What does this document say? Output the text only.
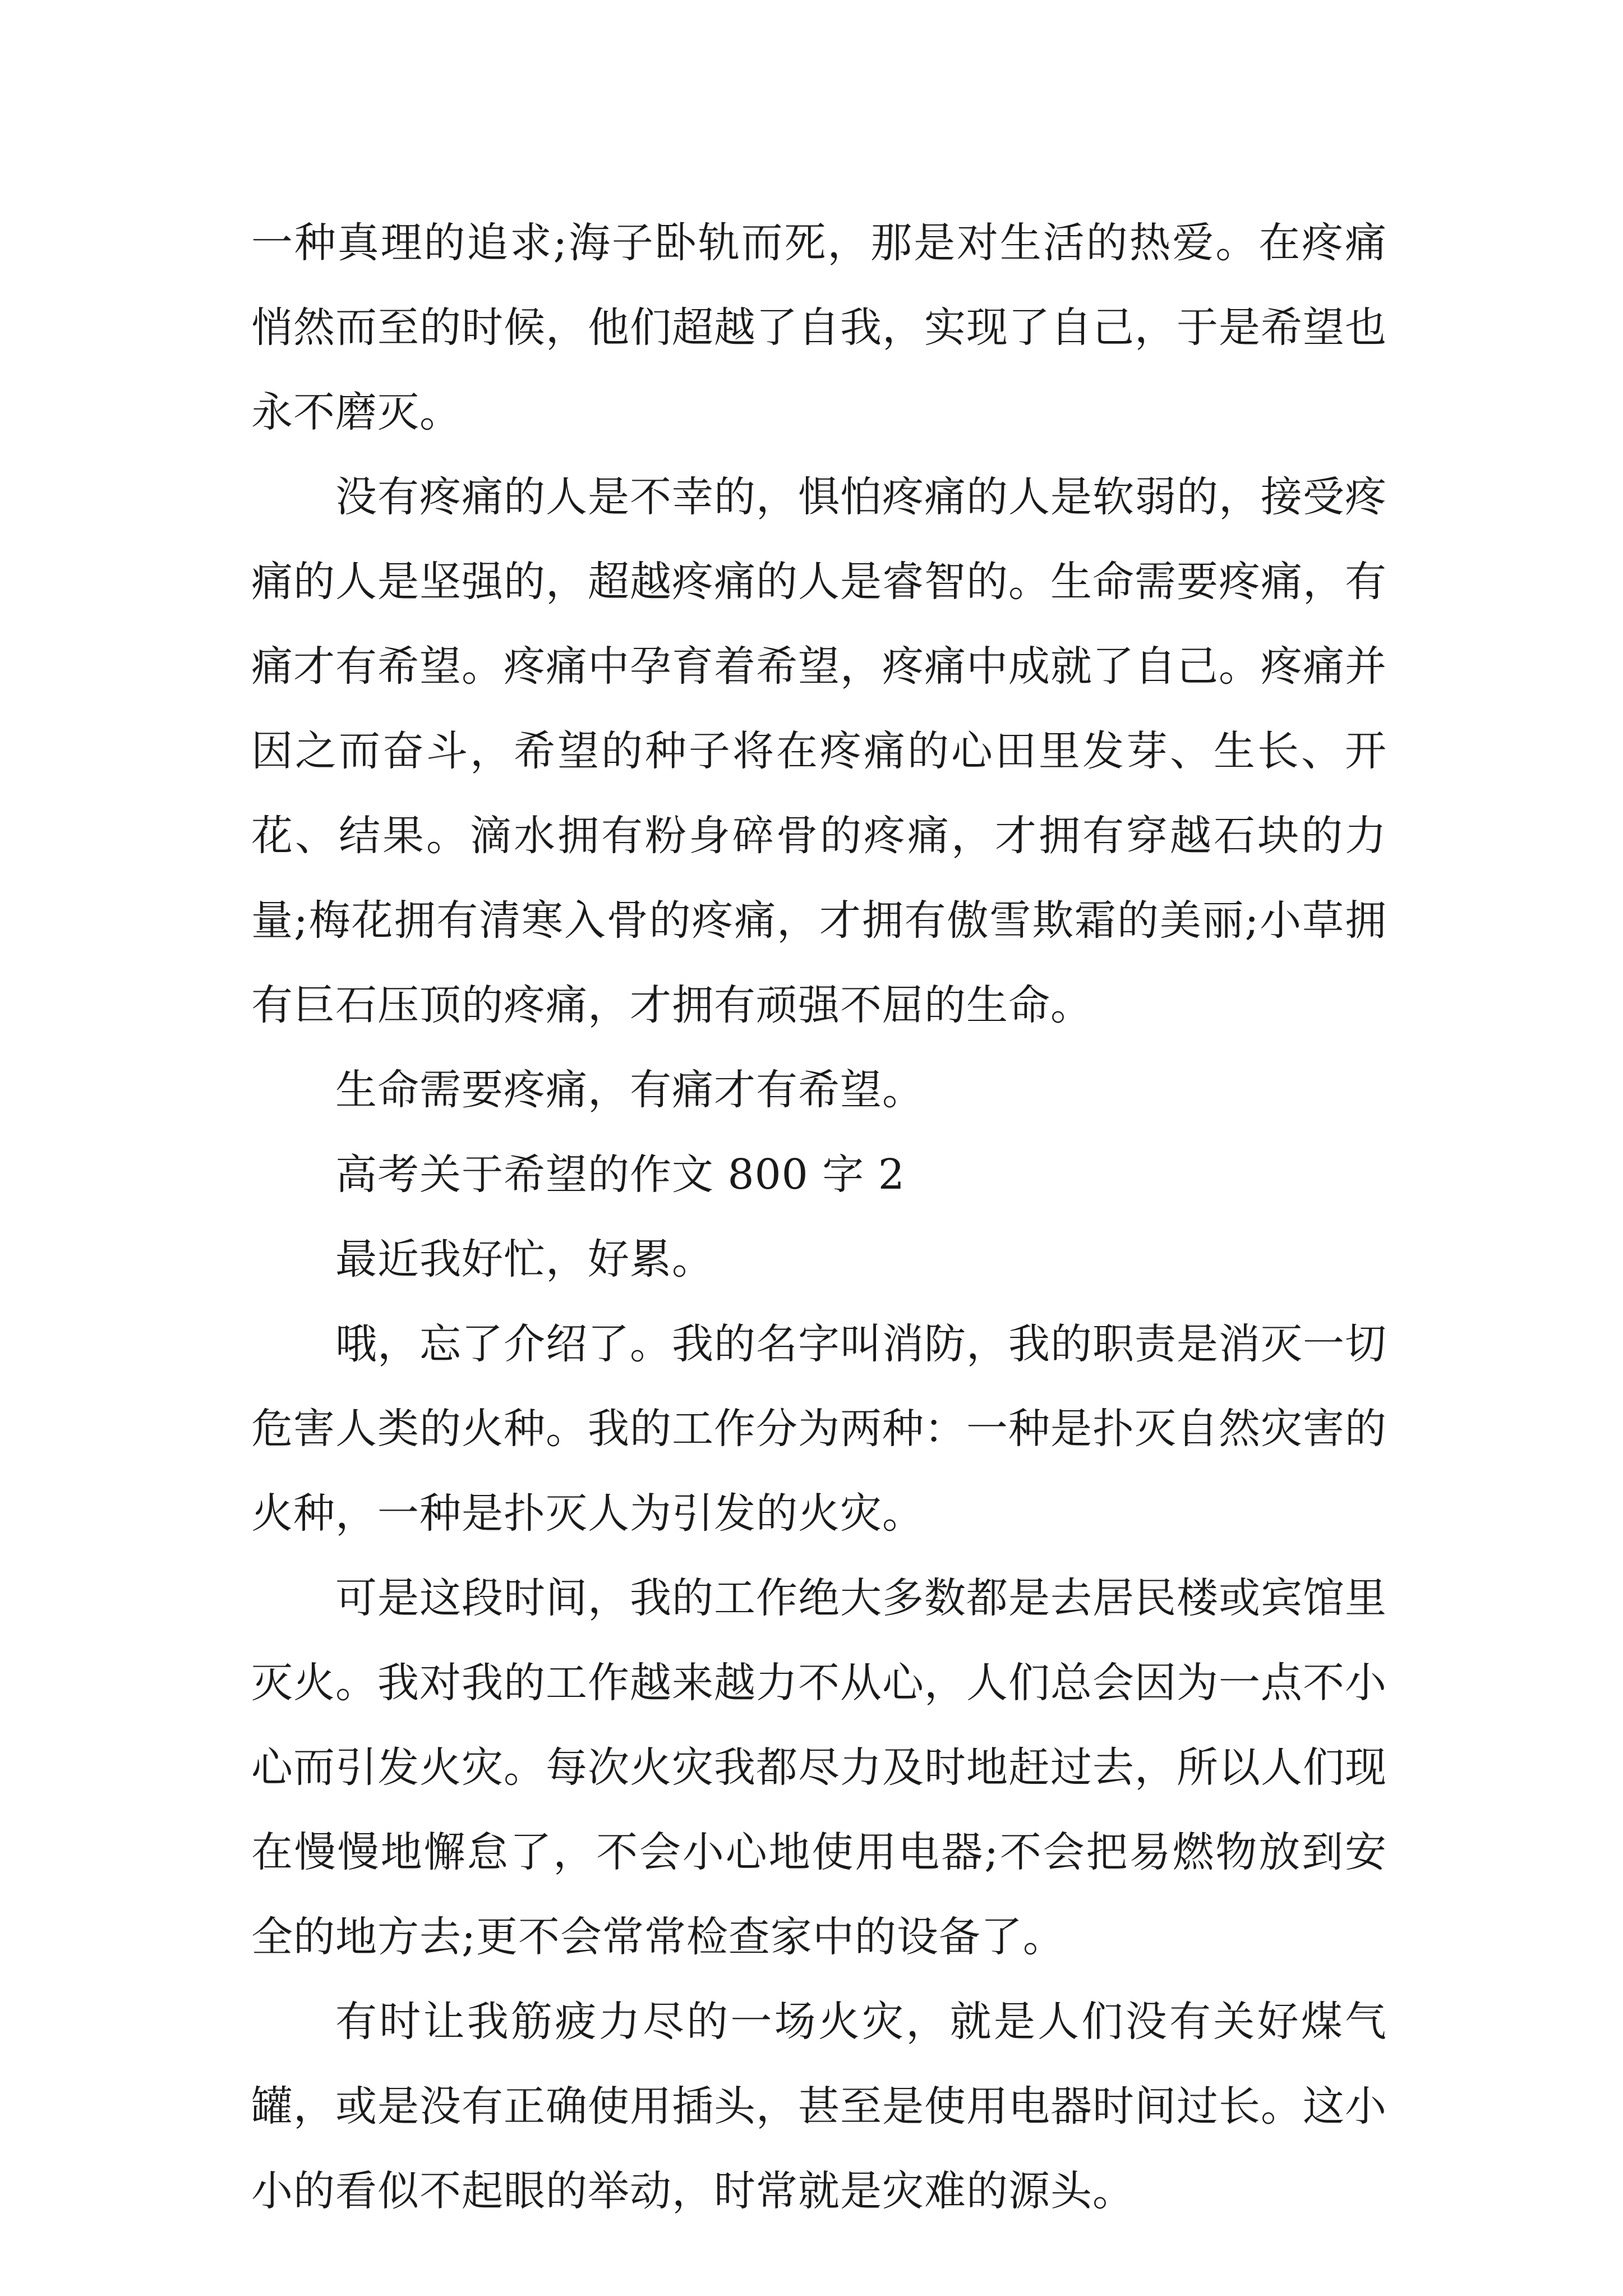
一种真理的追求;海子卧轨而死，那是对生活的热爱。在疼痛悄然而至的时候，他们超越了自我，实现了自己，于是希望也永不磨灭。

没有疼痛的人是不幸的，惧怕疼痛的人是软弱的，接受疼痛的人是坚强的，超越疼痛的人是睿智的。生命需要疼痛，有痛才有希望。疼痛中孕育着希望，疼痛中成就了自己。疼痛并因之而奋斗，希望的种子将在疼痛的心田里发芽、生长、开花、结果。滴水拥有粉身碎骨的疼痛，才拥有穿越石块的力量;梅花拥有清寒入骨的疼痛，才拥有傲雪欺霜的美丽;小草拥有巨石压顶的疼痛，才拥有顽强不屈的生命。

生命需要疼痛，有痛才有希望。

高考关于希望的作文 800 字 2

最近我好忙，好累。

哦，忘了介绍了。我的名字叫消防，我的职责是消灭一切危害人类的火种。我的工作分为两种：一种是扑灭自然灾害的火种，一种是扑灭人为引发的火灾。

可是这段时间，我的工作绝大多数都是去居民楼或宾馆里灭火。我对我的工作越来越力不从心，人们总会因为一点不小心而引发火灾。每次火灾我都尽力及时地赶过去，所以人们现在慢慢地懈怠了，不会小心地使用电器;不会把易燃物放到安全的地方去;更不会常常检查家中的设备了。

有时让我筋疲力尽的一场火灾，就是人们没有关好煤气罐，或是没有正确使用插头，甚至是使用电器时间过长。这小小的看似不起眼的举动，时常就是灾难的源头。
